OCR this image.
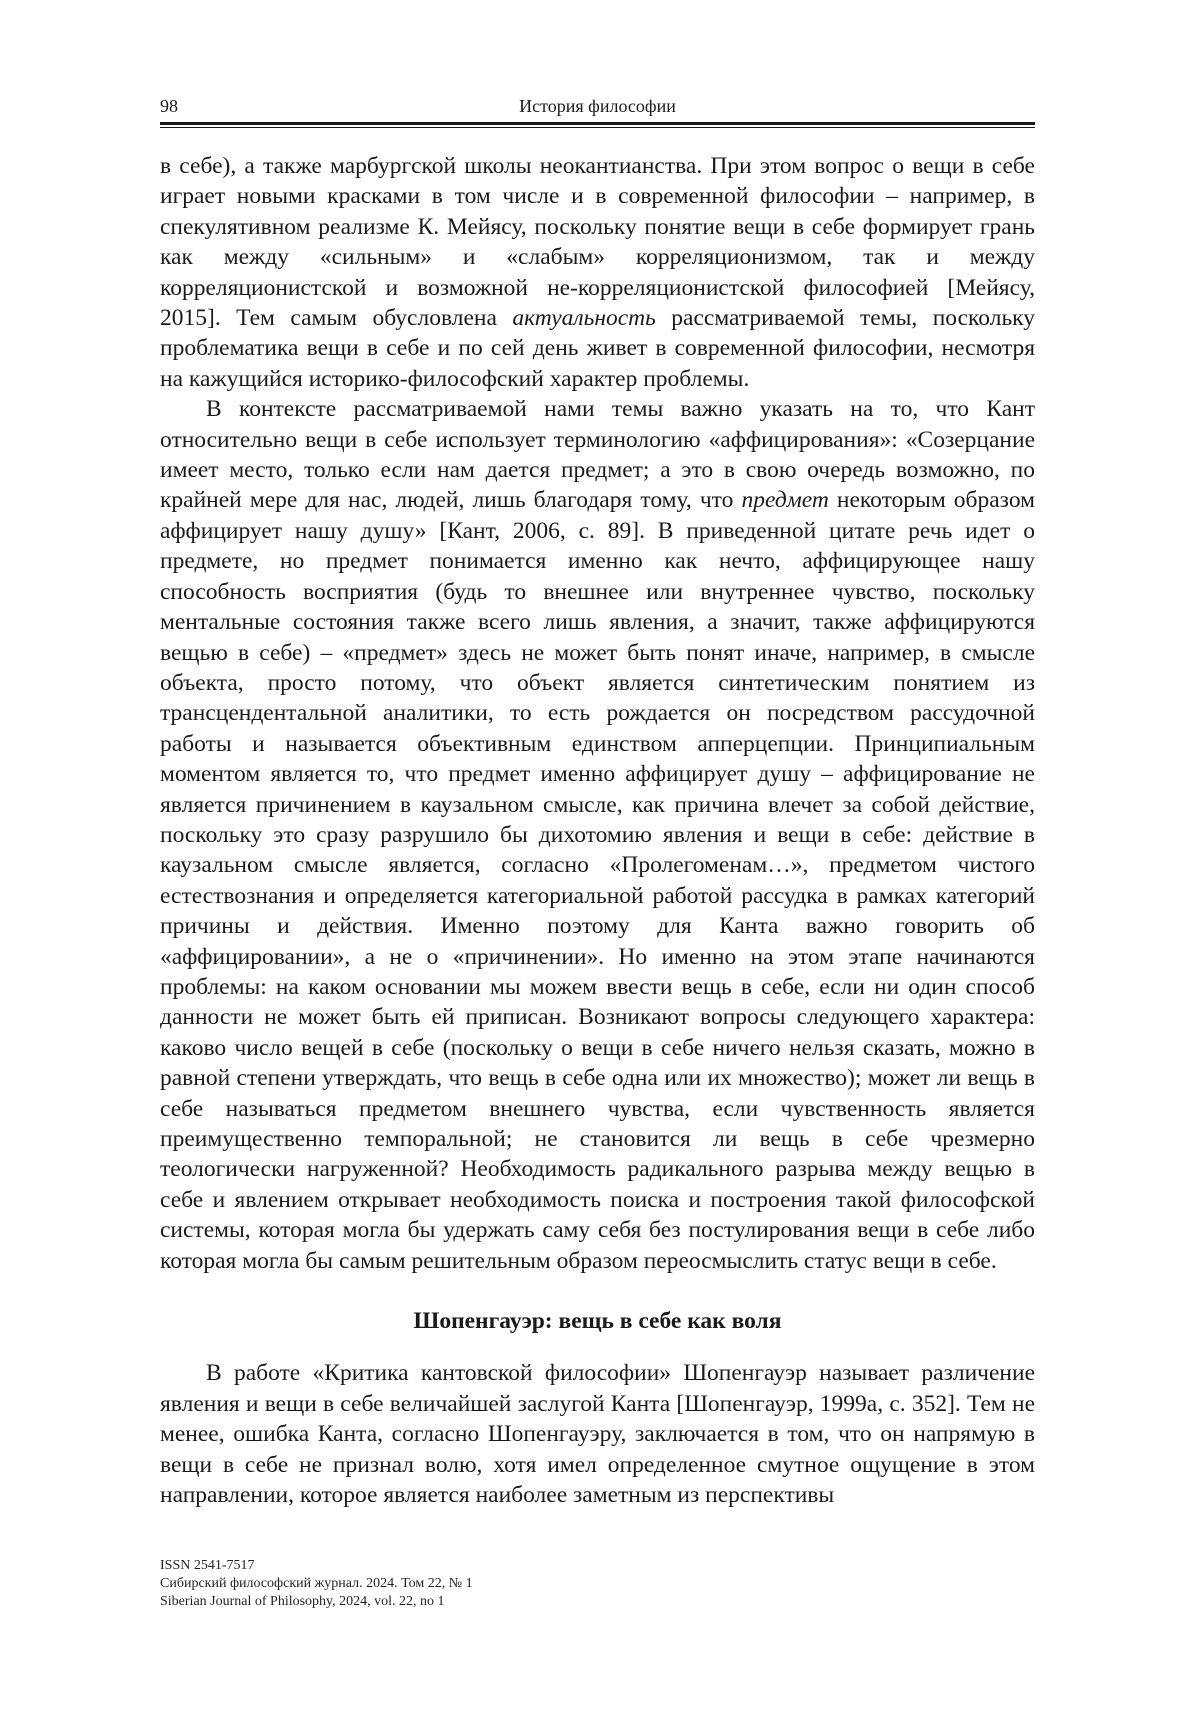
98	История философии

в себе), а также марбургской школы неокантианства. При этом вопрос о вещи в себе играет новыми красками в том числе и в современной философии – например, в спекулятивном реализме К. Мейясу, поскольку понятие вещи в себе формирует грань как между «сильным» и «слабым» корреляционизмом, так и между корреляционистской и возможной не-корреляционистской философией [Мейясу, 2015]. Тем самым обусловлена актуальность рассматриваемой темы, поскольку проблематика вещи в себе и по сей день живет в современной философии, несмотря на кажущийся историко-философский характер проблемы.

В контексте рассматриваемой нами темы важно указать на то, что Кант относительно вещи в себе использует терминологию «аффицирования»: «Созерцание имеет место, только если нам дается предмет; а это в свою очередь возможно, по крайней мере для нас, людей, лишь благодаря тому, что предмет некоторым образом аффицирует нашу душу» [Кант, 2006, с. 89]. В приведенной цитате речь идет о предмете, но предмет понимается именно как нечто, аффицирующее нашу способность восприятия (будь то внешнее или внутреннее чувство, поскольку ментальные состояния также всего лишь явления, а значит, также аффицируются вещью в себе) – «предмет» здесь не может быть понят иначе, например, в смысле объекта, просто потому, что объект является синтетическим понятием из трансцендентальной аналитики, то есть рождается он посредством рассудочной работы и называется объективным единством апперцепции. Принципиальным моментом является то, что предмет именно аффицирует душу – аффицирование не является причинением в каузальном смысле, как причина влечет за собой действие, поскольку это сразу разрушило бы дихотомию явления и вещи в себе: действие в каузальном смысле является, согласно «Пролегоменам…», предметом чистого естествознания и определяется категориальной работой рассудка в рамках категорий причины и действия. Именно поэтому для Канта важно говорить об «аффицировании», а не о «причинении». Но именно на этом этапе начинаются проблемы: на каком основании мы можем ввести вещь в себе, если ни один способ данности не может быть ей приписан. Возникают вопросы следующего характера: каково число вещей в себе (поскольку о вещи в себе ничего нельзя сказать, можно в равной степени утверждать, что вещь в себе одна или их множество); может ли вещь в себе называться предметом внешнего чувства, если чувственность является преимущественно темпоральной; не становится ли вещь в себе чрезмерно теологически нагруженной? Необходимость радикального разрыва между вещью в себе и явлением открывает необходимость поиска и построения такой философской системы, которая могла бы удержать саму себя без постулирования вещи в себе либо которая могла бы самым решительным образом переосмыслить статус вещи в себе.

Шопенгауэр: вещь в себе как воля

В работе «Критика кантовской философии» Шопенгауэр называет различение явления и вещи в себе величайшей заслугой Канта [Шопенгауэр, 1999а, с. 352]. Тем не менее, ошибка Канта, согласно Шопенгауэру, заключается в том, что он напрямую в вещи в себе не признал волю, хотя имел определенное смутное ощущение в этом направлении, которое является наиболее заметным из перспективы

ISSN 2541-7517
Сибирский философский журнал. 2024. Том 22, № 1
Siberian Journal of Philosophy, 2024, vol. 22, no 1
